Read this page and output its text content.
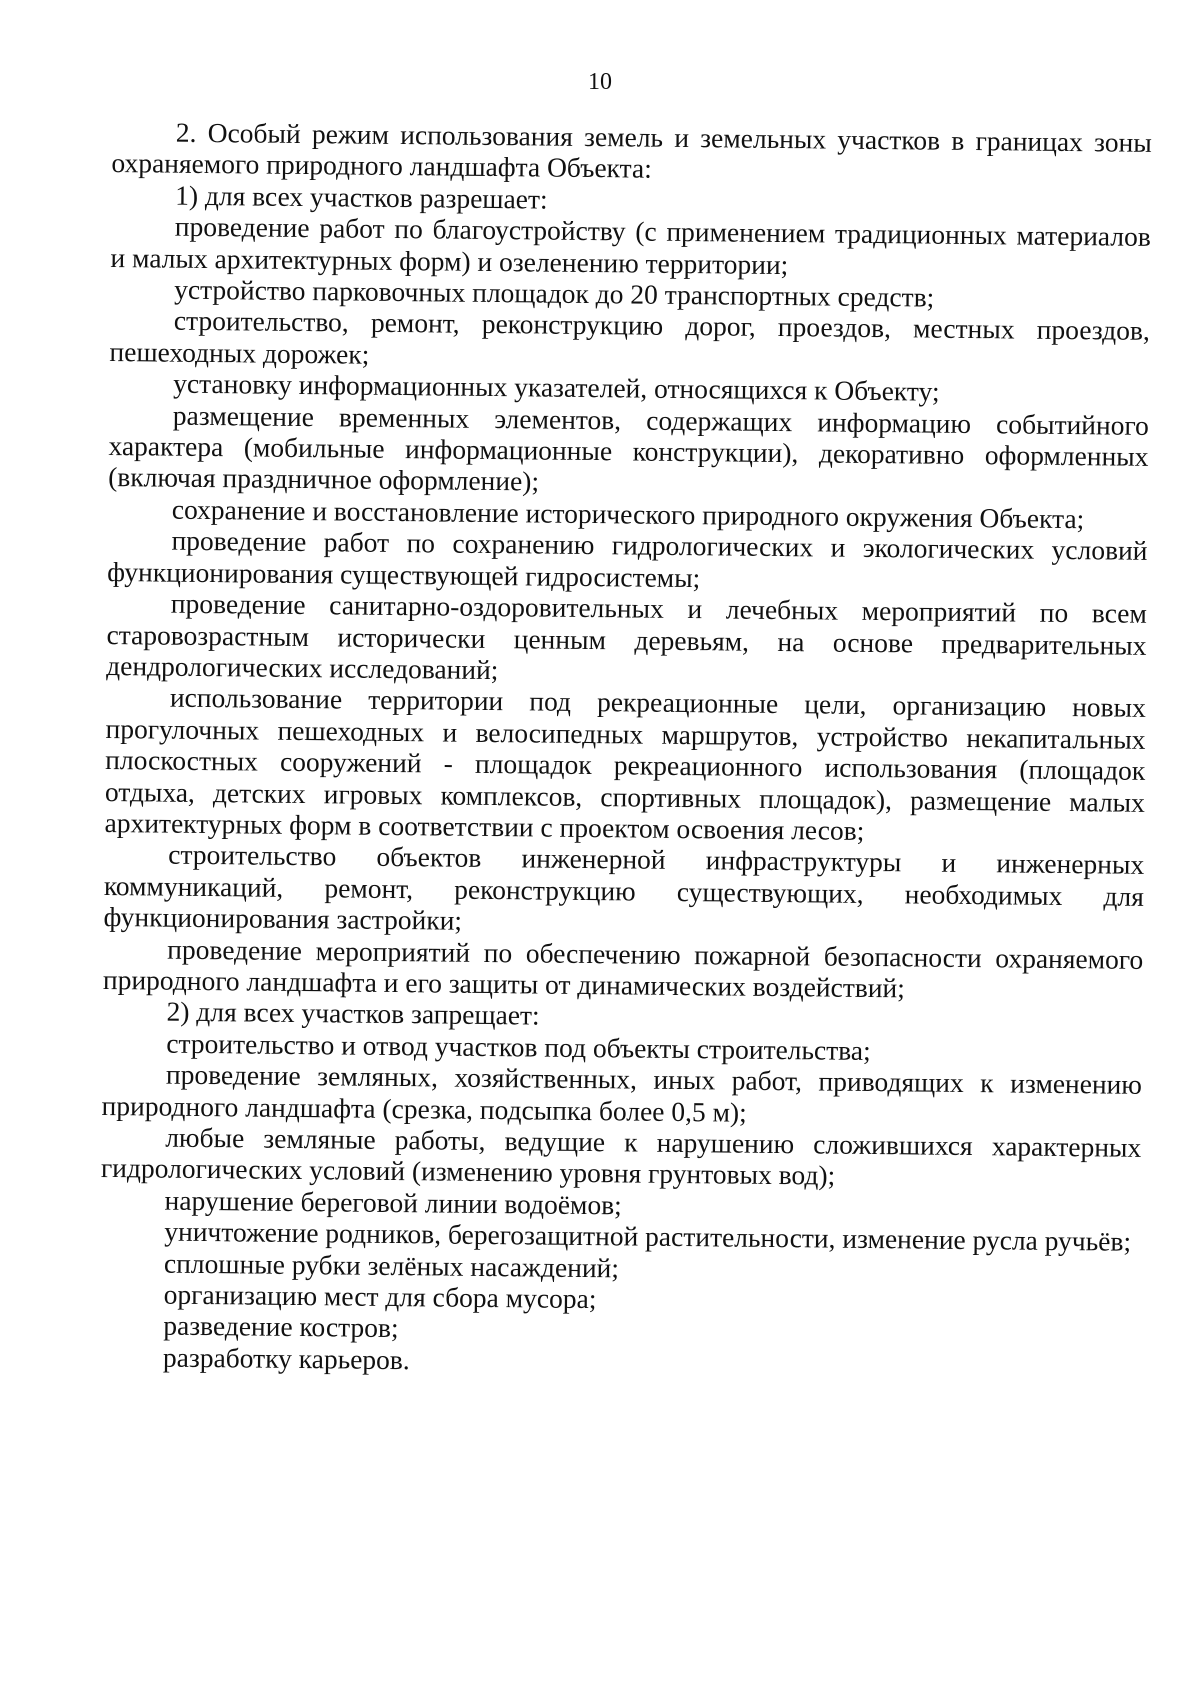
10

2. Особый режим использования земель и земельных участков в границах зоны охраняемого природного ландшафта Объекта:

1) для всех участков разрешает:

проведение работ по благоустройству (с применением традиционных материалов и малых архитектурных форм) и озеленению территории;

устройство парковочных площадок до 20 транспортных средств;

строительство, ремонт, реконструкцию дорог, проездов, местных проездов, пешеходных дорожек;

установку информационных указателей, относящихся к Объекту;

размещение временных элементов, содержащих информацию событийного характера (мобильные информационные конструкции), декоративно оформленных (включая праздничное оформление);

сохранение и восстановление исторического природного окружения Объекта;

проведение работ по сохранению гидрологических и экологических условий функционирования существующей гидросистемы;

проведение санитарно-оздоровительных и лечебных мероприятий по всем старовозрастным исторически ценным деревьям, на основе предварительных дендрологических исследований;

использование территории под рекреационные цели, организацию новых прогулочных пешеходных и велосипедных маршрутов, устройство некапитальных плоскостных сооружений - площадок рекреационного использования (площадок отдыха, детских игровых комплексов, спортивных площадок), размещение малых архитектурных форм в соответствии с проектом освоения лесов;

строительство объектов инженерной инфраструктуры и инженерных коммуникаций, ремонт, реконструкцию существующих, необходимых для функционирования застройки;

проведение мероприятий по обеспечению пожарной безопасности охраняемого природного ландшафта и его защиты от динамических воздействий;

2) для всех участков запрещает:

строительство и отвод участков под объекты строительства;

проведение земляных, хозяйственных, иных работ, приводящих к изменению природного ландшафта (срезка, подсыпка более 0,5 м);

любые земляные работы, ведущие к нарушению сложившихся характерных гидрологических условий (изменению уровня грунтовых вод);

нарушение береговой линии водоёмов;

уничтожение родников, берегозащитной растительности, изменение русла ручьёв;

сплошные рубки зелёных насаждений;

организацию мест для сбора мусора;

разведение костров;

разработку карьеров.
